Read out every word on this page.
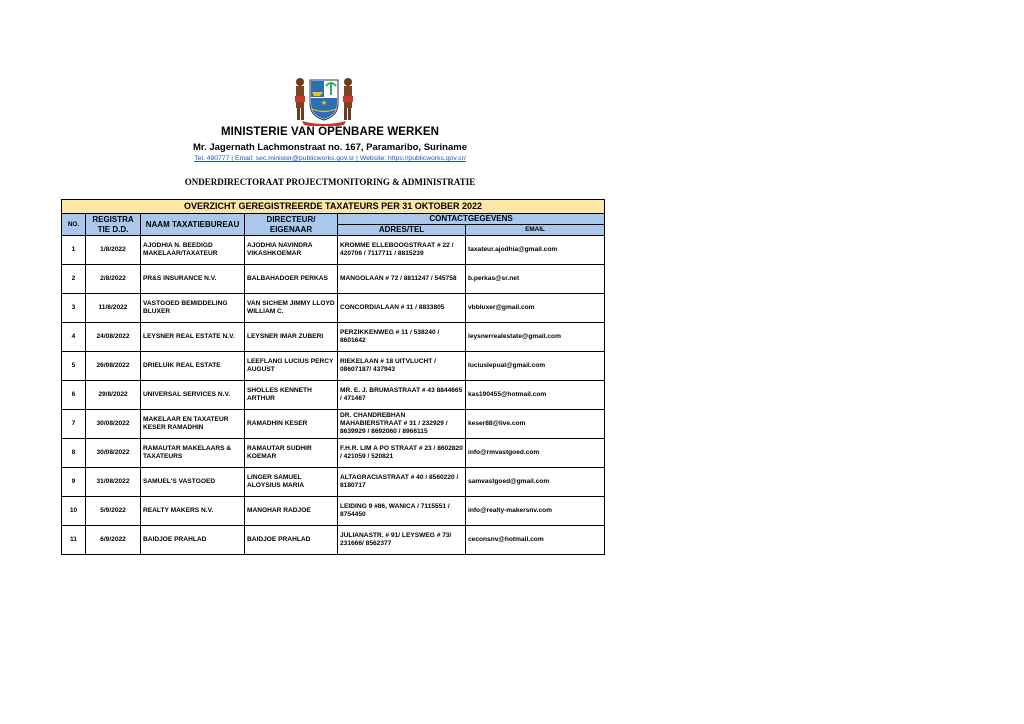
MINISTERIE VAN OPENBARE WERKEN
Mr. Jagernath Lachmonstraat no. 167, Paramaribo, Suriname
Tel. 490777 | Email: sec.minister@publicworks.gov.sr | Website: https://publicworks.gov.sr/
ONDERDIRECTORAAT PROJECTMONITORING & ADMINISTRATIE
OVERZICHT GEREGISTREERDE TAXATEURS PER 31 OKTOBER 2022					
NO.	REGISTRA TIE D.D.	NAAM TAXATIEBUREAU	DIRECTEUR/ EIGENAAR	CONTACTGEGEVENS	
				ADRES/TEL	EMAIL
1	1/8/2022	AJODHIA N. BEEDIGD MAKELAAR/TAXATEUR	AJODHIA NAVINDRA VIKASHKOEMAR	KROMME ELLEBOOGSTRAAT # 22 / 420706 / 7117711 / 8815239	taxateur.ajodhia@gmail.com
2	2/8/2022	PR&S INSURANCE N.V.	BALBAHADOER PERKAS	MANGOLAAN # 72 / 8811247 / 545758	b.perkas@sr.net
3	11/8/2022	VASTGOED BEMIDDELING BLUXER	VAN SICHEM JIMMY LLOYD WILLIAM C.	CONCORDIALAAN # 11 / 8833805	vbbluxer@gmail.com
4	24/08/2022	LEYSNER REAL ESTATE N.V.	LEYSNER IMAR ZUBERI	PERZIKKENWEG # 11 / 538240 / 8601642	leysnerrealestate@gmail.com
5	26/08/2022	DRIELUIK REAL ESTATE	LEEFLANG LUCIUS PERCY AUGUST	RIEKELAAN # 18 UITVLUCHT / 08607187/ 437943	luciuslepual@gmail.com
6	29/8/2022	UNIVERSAL SERVICES N.V.	SHOLLES KENNETH ARTHUR	MR. E. J. BRUMASTRAAT # 43 8844665 / 471467	kas190455@hotmail.com
7	30/08/2022	MAKELAAR EN TAXATEUR KESER RAMADHIN	RAMADHIN KESER	DR. CHANDREBHAN MAHABIERSTRAAT # 31 / 232929 / 8639929 / 8692060 / 8966115	keser88@live.com
8	30/08/2022	RAMAUTAR MAKELAARS & TAXATEURS	RAMAUTAR SUDHIR KOEMAR	F.H.R. LIM A PO STRAAT # 23 / 8602820 / 421059 / 520821	info@rmvastgoed.com
9	31/08/2022	SAMUEL'S VASTGOED	LINGER SAMUEL ALOYSIUS MARIA	ALTAGRACIASTRAAT # 40 / 8560220 / 8180717	samvastgoed@gmail.com
10	5/9/2022	REALTY MAKERS N.V.	MANOHAR RADJOE	LEIDING 9 #86, WANICA / 7115551 / 8754450	info@realty-makersnv.com
11	6/9/2022	BAIDJOE PRAHLAD	BAIDJOE PRAHLAD	JULIANASTR. # 91/ LEYSWEG # 73/ 231666/ 8562377	ceconsnv@hotmail.com
